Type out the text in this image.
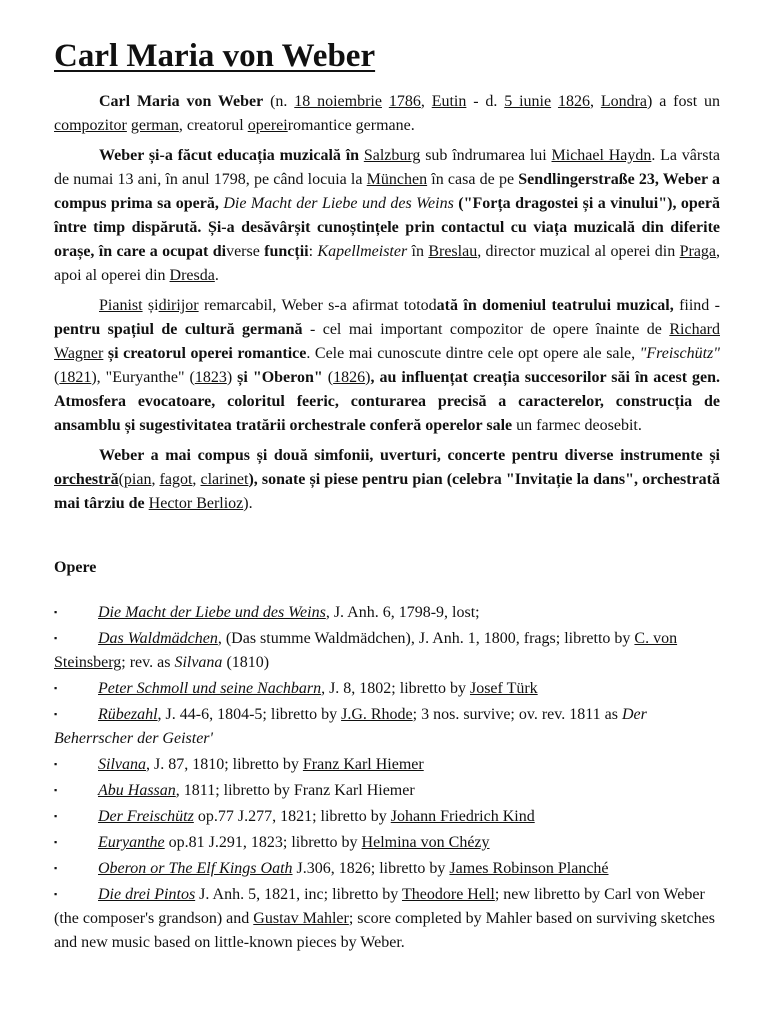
Carl Maria von Weber

Carl Maria von Weber (n. 18 noiembrie 1786, Eutin - d. 5 iunie 1826, Londra) a fost un compozitor german, creatorul opereiromantice germane.

Weber și-a făcut educația muzicală în Salzburg sub îndrumarea lui Michael Haydn. La vârsta de numai 13 ani, în anul 1798, pe când locuia la München în casa de pe Sendlingerstraße 23, Weber a compus prima sa operă, Die Macht der Liebe und des Weins ("Forța dragostei și a vinului"), operă între timp dispărută. Și-a desăvârșit cunoștințele prin contactul cu viața muzicală din diferite orașe, în care a ocupat diverse funcții: Kapellmeister în Breslau, director muzical al operei din Praga, apoi al operei din Dresda.

Pianist șidirijor remarcabil, Weber s-a afirmat totodată în domeniul teatrului muzical, fiind - pentru spațiul de cultură germană - cel mai important compozitor de opere înainte de Richard Wagner și creatorul operei romantice. Cele mai cunoscute dintre cele opt opere ale sale, "Freischütz" (1821), "Euryanthe" (1823) și "Oberon" (1826), au influențat creația succesorilor săi în acest gen. Atmosfera evocatoare, coloritul feeric, conturarea precisă a caracterelor, construcția de ansamblu și sugestivitatea tratării orchestrale conferă operelor sale un farmec deosebit.

Weber a mai compus și două simfonii, uverturi, concerte pentru diverse instrumente și orchestră(pian, fagot, clarinet), sonate și piese pentru pian (celebra "Invitație la dans", orchestrată mai târziu de Hector Berlioz).

Opere

▪	Die Macht der Liebe und des Weins, J. Anh. 6, 1798-9, lost;
▪	Das Waldmädchen, (Das stumme Waldmädchen), J. Anh. 1, 1800, frags; libretto by C. von Steinsberg; rev. as Silvana (1810)
▪	Peter Schmoll und seine Nachbarn, J. 8, 1802; libretto by Josef Türk
▪	Rübezahl, J. 44-6, 1804-5; libretto by J.G. Rhode; 3 nos. survive; ov. rev. 1811 as Der Beherrscher der Geister'
▪	Silvana, J. 87, 1810; libretto by Franz Karl Hiemer
▪	Abu Hassan, 1811; libretto by Franz Karl Hiemer
▪	Der Freischütz op.77 J.277, 1821; libretto by Johann Friedrich Kind
▪	Euryanthe op.81 J.291, 1823; libretto by Helmina von Chézy
▪	Oberon or The Elf Kings Oath J.306, 1826; libretto by James Robinson Planché
▪	Die drei Pintos J. Anh. 5, 1821, inc; libretto by Theodore Hell; new libretto by Carl von Weber (the composer's grandson) and Gustav Mahler; score completed by Mahler based on surviving sketches and new music based on little-known pieces by Weber.
